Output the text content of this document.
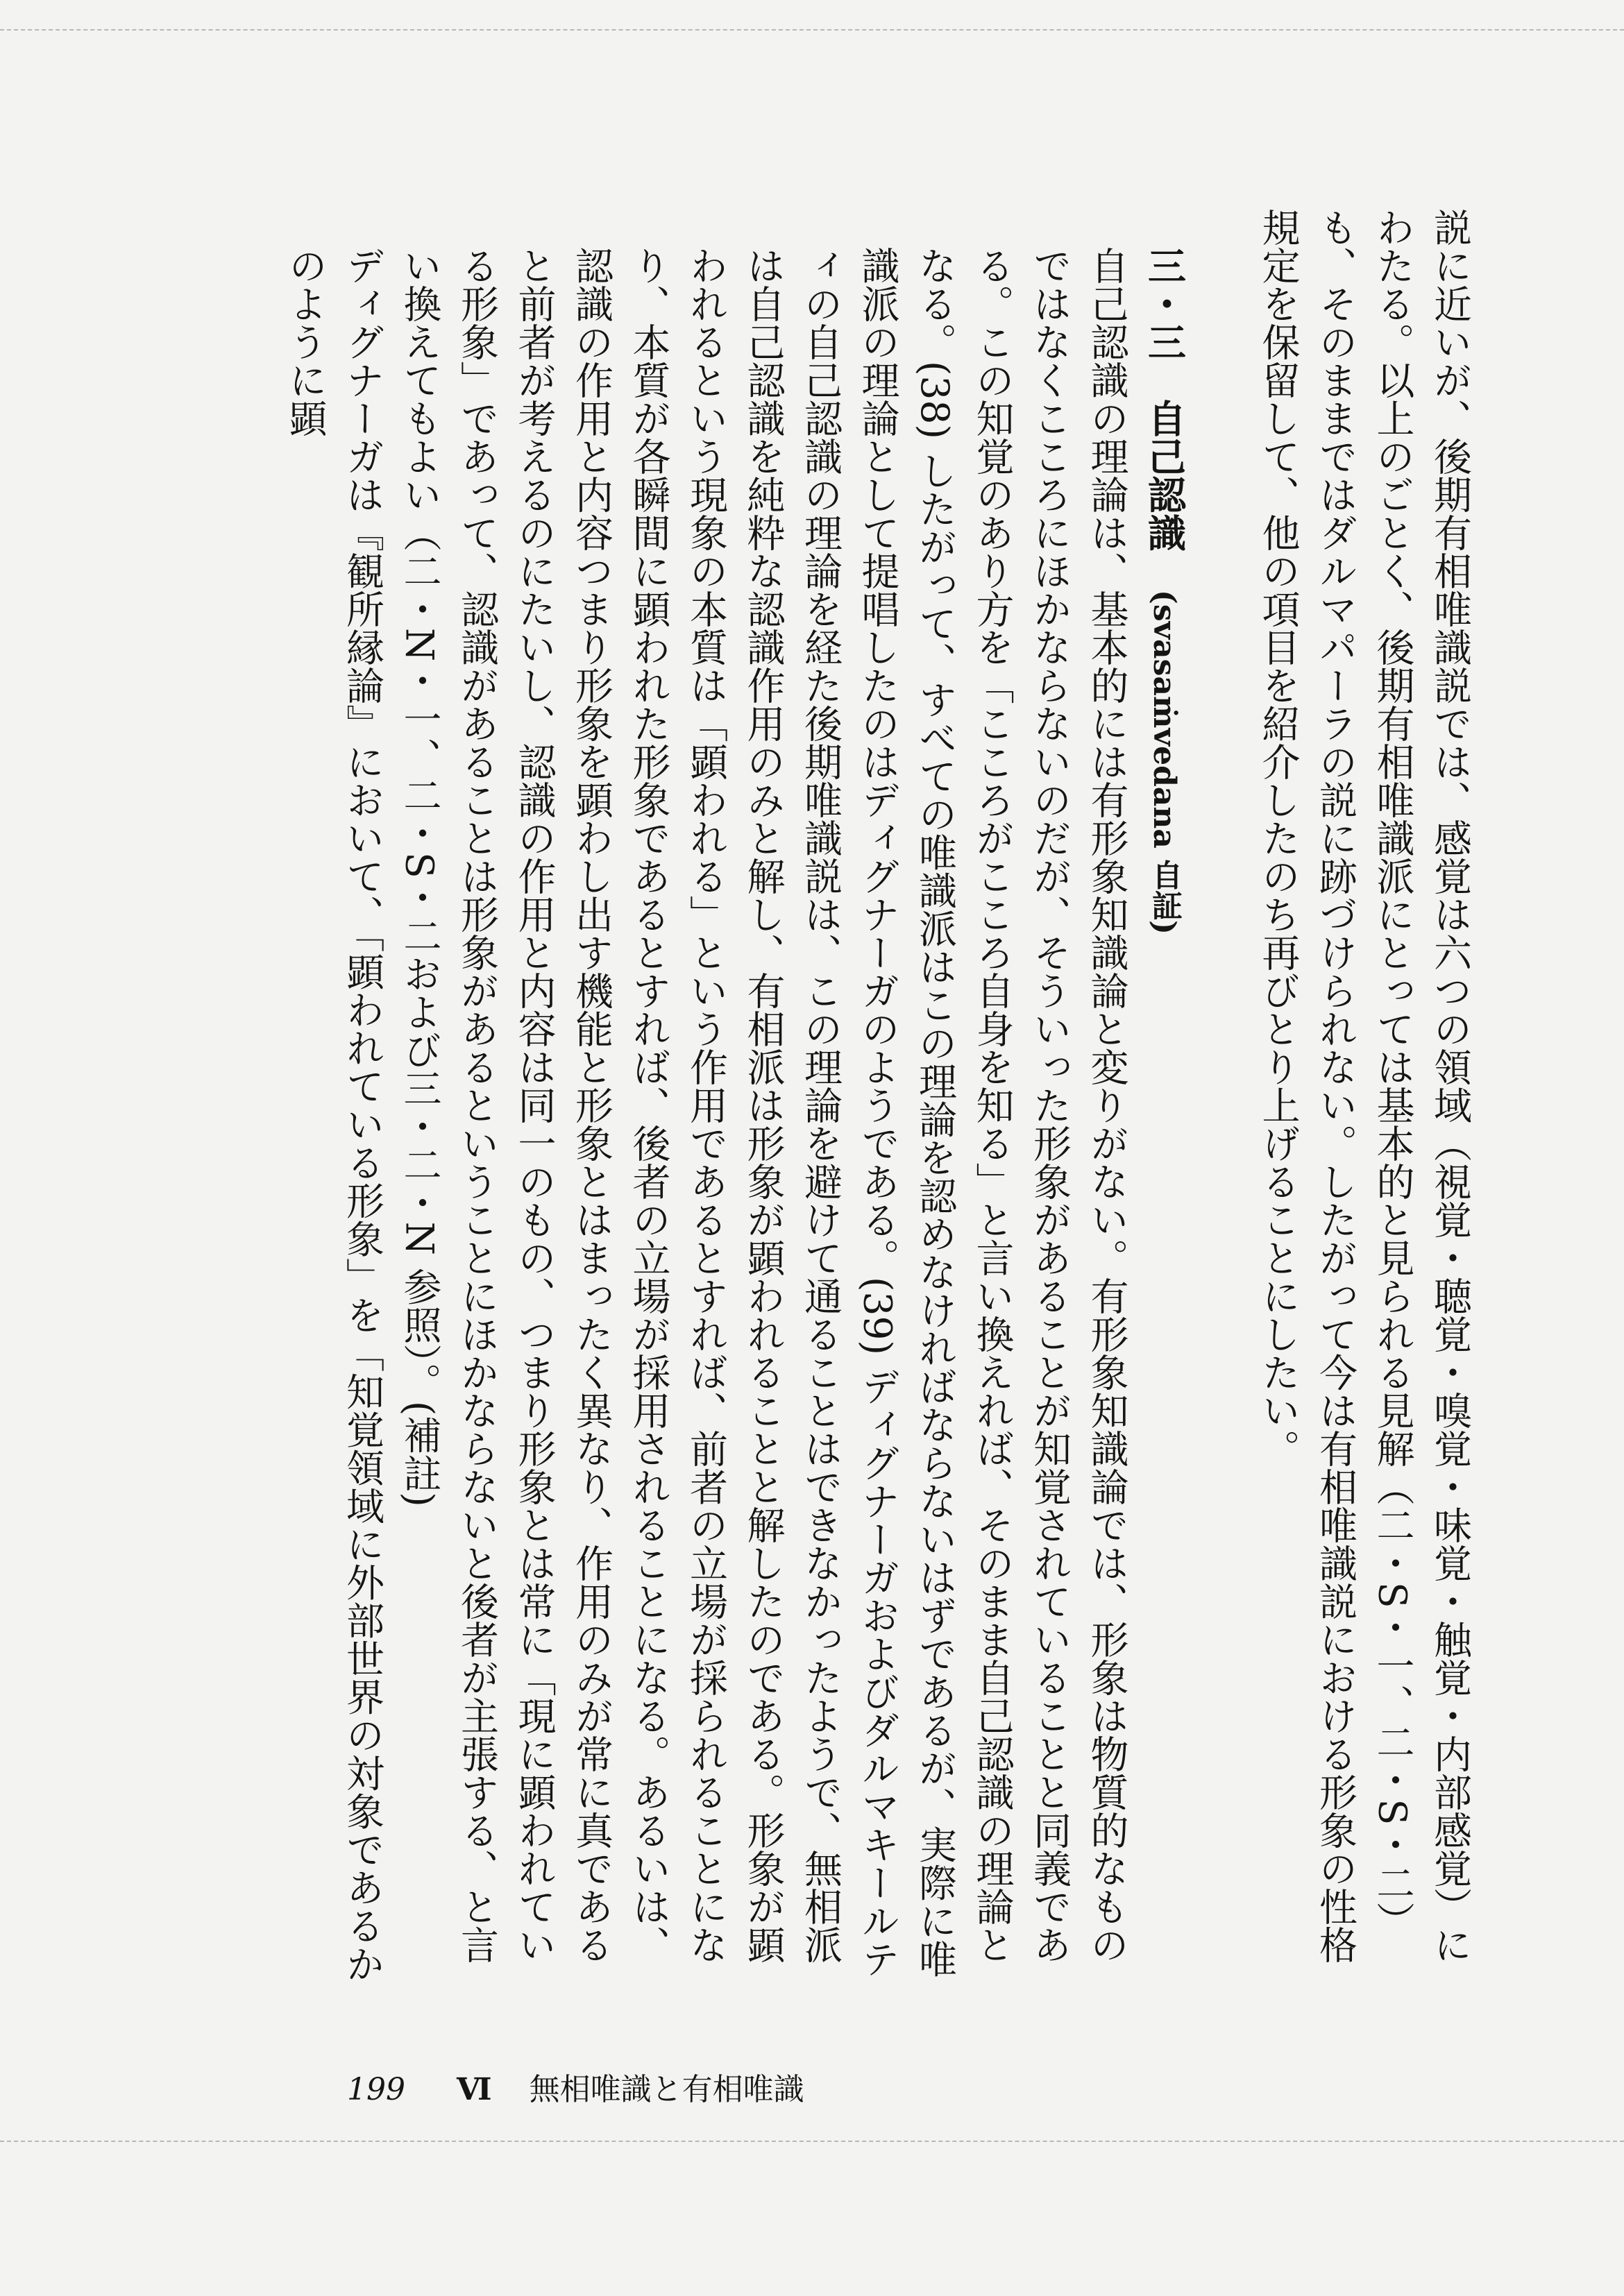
説に近いが、後期有相唯識説では、感覚は六つの領域（視覚・聴覚・嗅覚・味覚・触覚・内部感覚）にわたる。以上のごとく、後期有相唯識派にとっては基本的と見られる見解（二・S・一、二・S・二）も、そのままではダルマパーラの説に跡づけられない。したがって今は有相唯識説における形象の性格規定を保留して、他の項目を紹介したのち再びとり上げることにしたい。

三・三　自己認識　(svasaṁvedana 自証)

自己認識の理論は、基本的には有形象知識論と変りがない。有形象知識論では、形象は物質的なものではなくこころにほかならないのだが、そういった形象があることが知覚されていることと同義である。この知覚のあり方を「こころがこころ自身を知る」と言い換えれば、そのまま自己認識の理論となる。(38) したがって、すべての唯識派はこの理論を認めなければならないはずであるが、実際に唯識派の理論として提唱したのはディグナーガのようである。(39) ディグナーガおよびダルマキールティの自己認識の理論を経た後期唯識説は、この理論を避けて通ることはできなかったようで、無相派は自己認識を純粋な認識作用のみと解し、有相派は形象が顕われることと解したのである。形象が顕われるという現象の本質は「顕われる」という作用であるとすれば、前者の立場が採られることになり、本質が各瞬間に顕われた形象であるとすれば、後者の立場が採用されることになる。あるいは、認識の作用と内容つまり形象を顕わし出す機能と形象とはまったく異なり、作用のみが常に真であると前者が考えるのにたいし、認識の作用と内容は同一のもの、つまり形象とは常に「現に顕われている形象」であって、認識があることは形象があるということにほかならないと後者が主張する、と言い換えてもよい（二・N・一、二・S・二および三・二・N 参照）。(補註)

ディグナーガは『観所縁論』において、「顕われている形象」を「知覚領域に外部世界の対象であるかのように顕

199 Ⅵ 無相唯識と有相唯識
